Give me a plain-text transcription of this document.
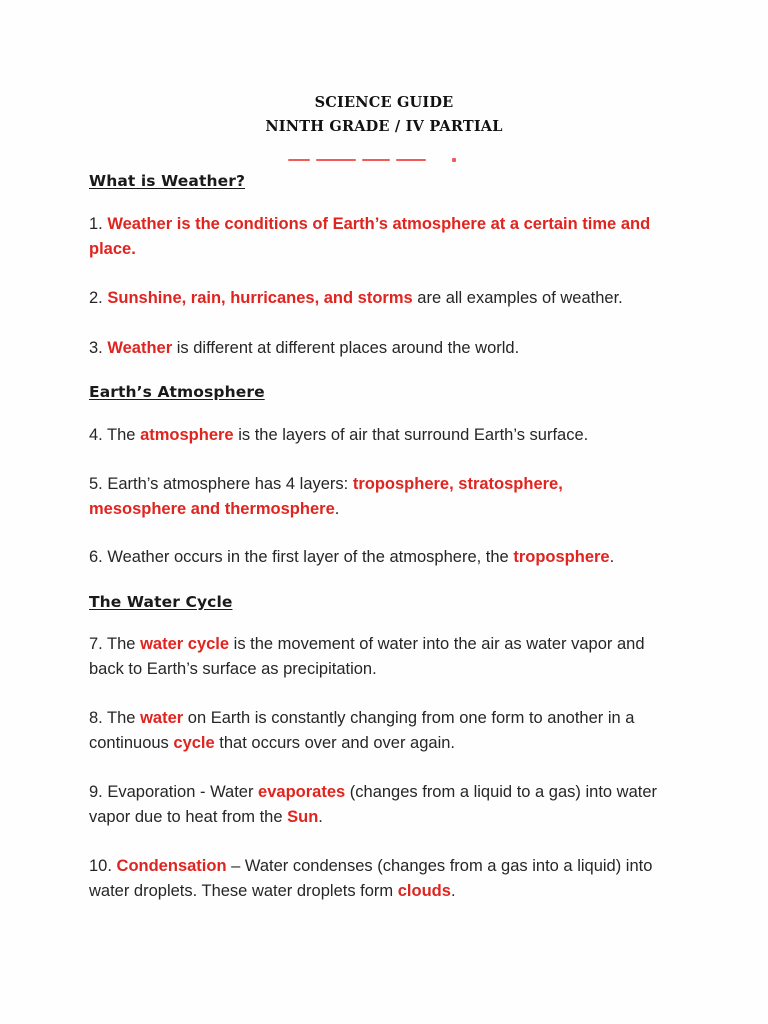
SCIENCE GUIDE
NINTH GRADE / IV PARTIAL
What is Weather?
1. Weather is the conditions of Earth’s atmosphere at a certain time and place.
2. Sunshine, rain, hurricanes, and storms are all examples of weather.
3. Weather is different at different places around the world.
Earth’s Atmosphere
4. The atmosphere is the layers of air that surround Earth’s surface.
5. Earth’s atmosphere has 4 layers: troposphere, stratosphere, mesosphere and thermosphere.
6. Weather occurs in the first layer of the atmosphere, the troposphere.
The Water Cycle
7. The water cycle is the movement of water into the air as water vapor and back to Earth’s surface as precipitation.
8. The water on Earth is constantly changing from one form to another in a continuous cycle that occurs over and over again.
9. Evaporation - Water evaporates (changes from a liquid to a gas) into water vapor due to heat from the Sun.
10. Condensation – Water condenses (changes from a gas into a liquid) into water droplets. These water droplets form clouds.
